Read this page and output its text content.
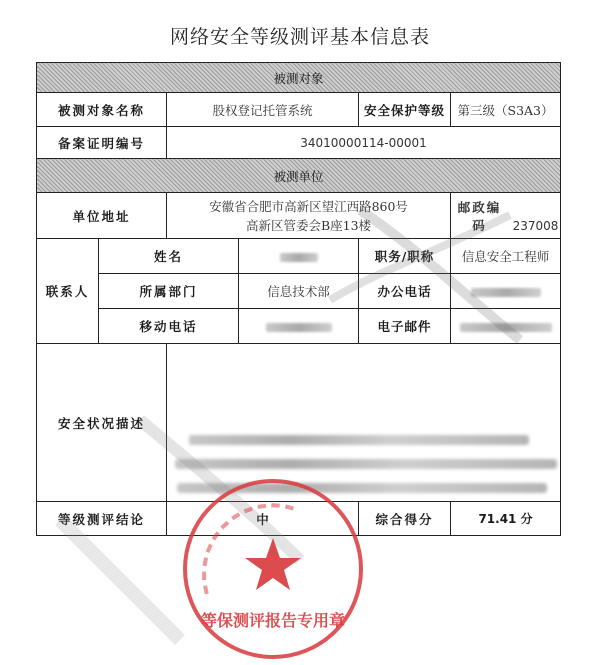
网络安全等级测评基本信息表
被测对象					
被测对象名称		股权登记托管系统		安全保护等级	第三级（S3A3）
备案证明编号		34010000114-00001			
被测单位					
单位地址		安徽省合肥市高新区望江西路860号
高新区管委会B座13楼			邮政编码 237008
联系人	姓名			职务/职称	信息安全工程师
	所属部门		信息技术部	办公电话	
	移动电话			电子邮件	
安全状况描述					

等级测评结论		中		综合得分	71.41 分
▬▬▬▬▬▬▬▬▬▬▬
等保测评报告专用章
